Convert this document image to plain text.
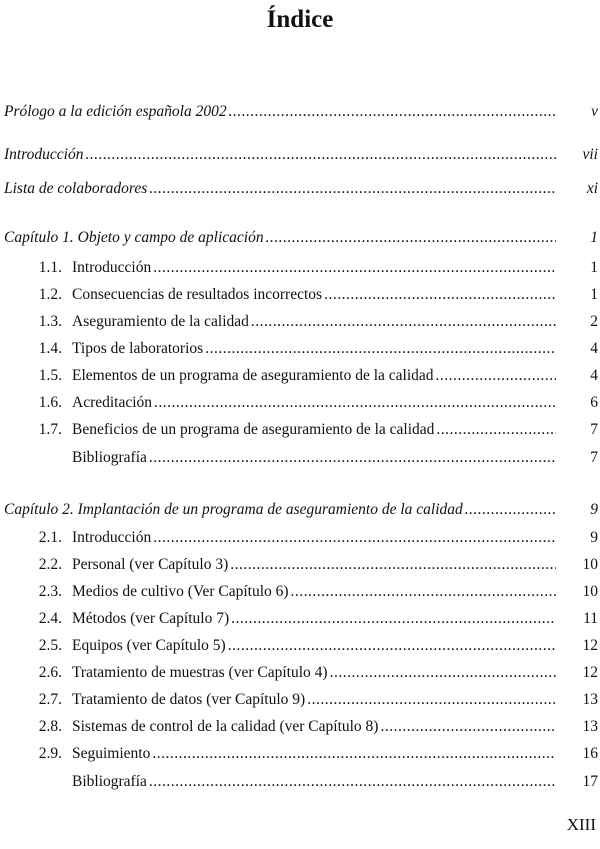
Índice
Prólogo a la edición española 2002 .....	v
Introducción .....	vii
Lista de colaboradores .....	xi
Capítulo 1. Objeto y campo de aplicación .....	1
1.1. Introducción .....	1
1.2. Consecuencias de resultados incorrectos .....	1
1.3. Aseguramiento de la calidad .....	2
1.4. Tipos de laboratorios .....	4
1.5. Elementos de un programa de aseguramiento de la calidad .....	4
1.6. Acreditación .....	6
1.7. Beneficios de un programa de aseguramiento de la calidad .....	7
Bibliografía .....	7
Capítulo 2. Implantación de un programa de aseguramiento de la calidad .....	9
2.1. Introducción .....	9
2.2. Personal (ver Capítulo 3) .....	10
2.3. Medios de cultivo (Ver Capítulo 6) .....	10
2.4. Métodos (ver Capítulo 7) .....	11
2.5. Equipos (ver Capítulo 5) .....	12
2.6. Tratamiento de muestras (ver Capítulo 4) .....	12
2.7. Tratamiento de datos (ver Capítulo 9) .....	13
2.8. Sistemas de control de la calidad (ver Capítulo 8) .....	13
2.9. Seguimiento .....	16
Bibliografía .....	17
XIII
